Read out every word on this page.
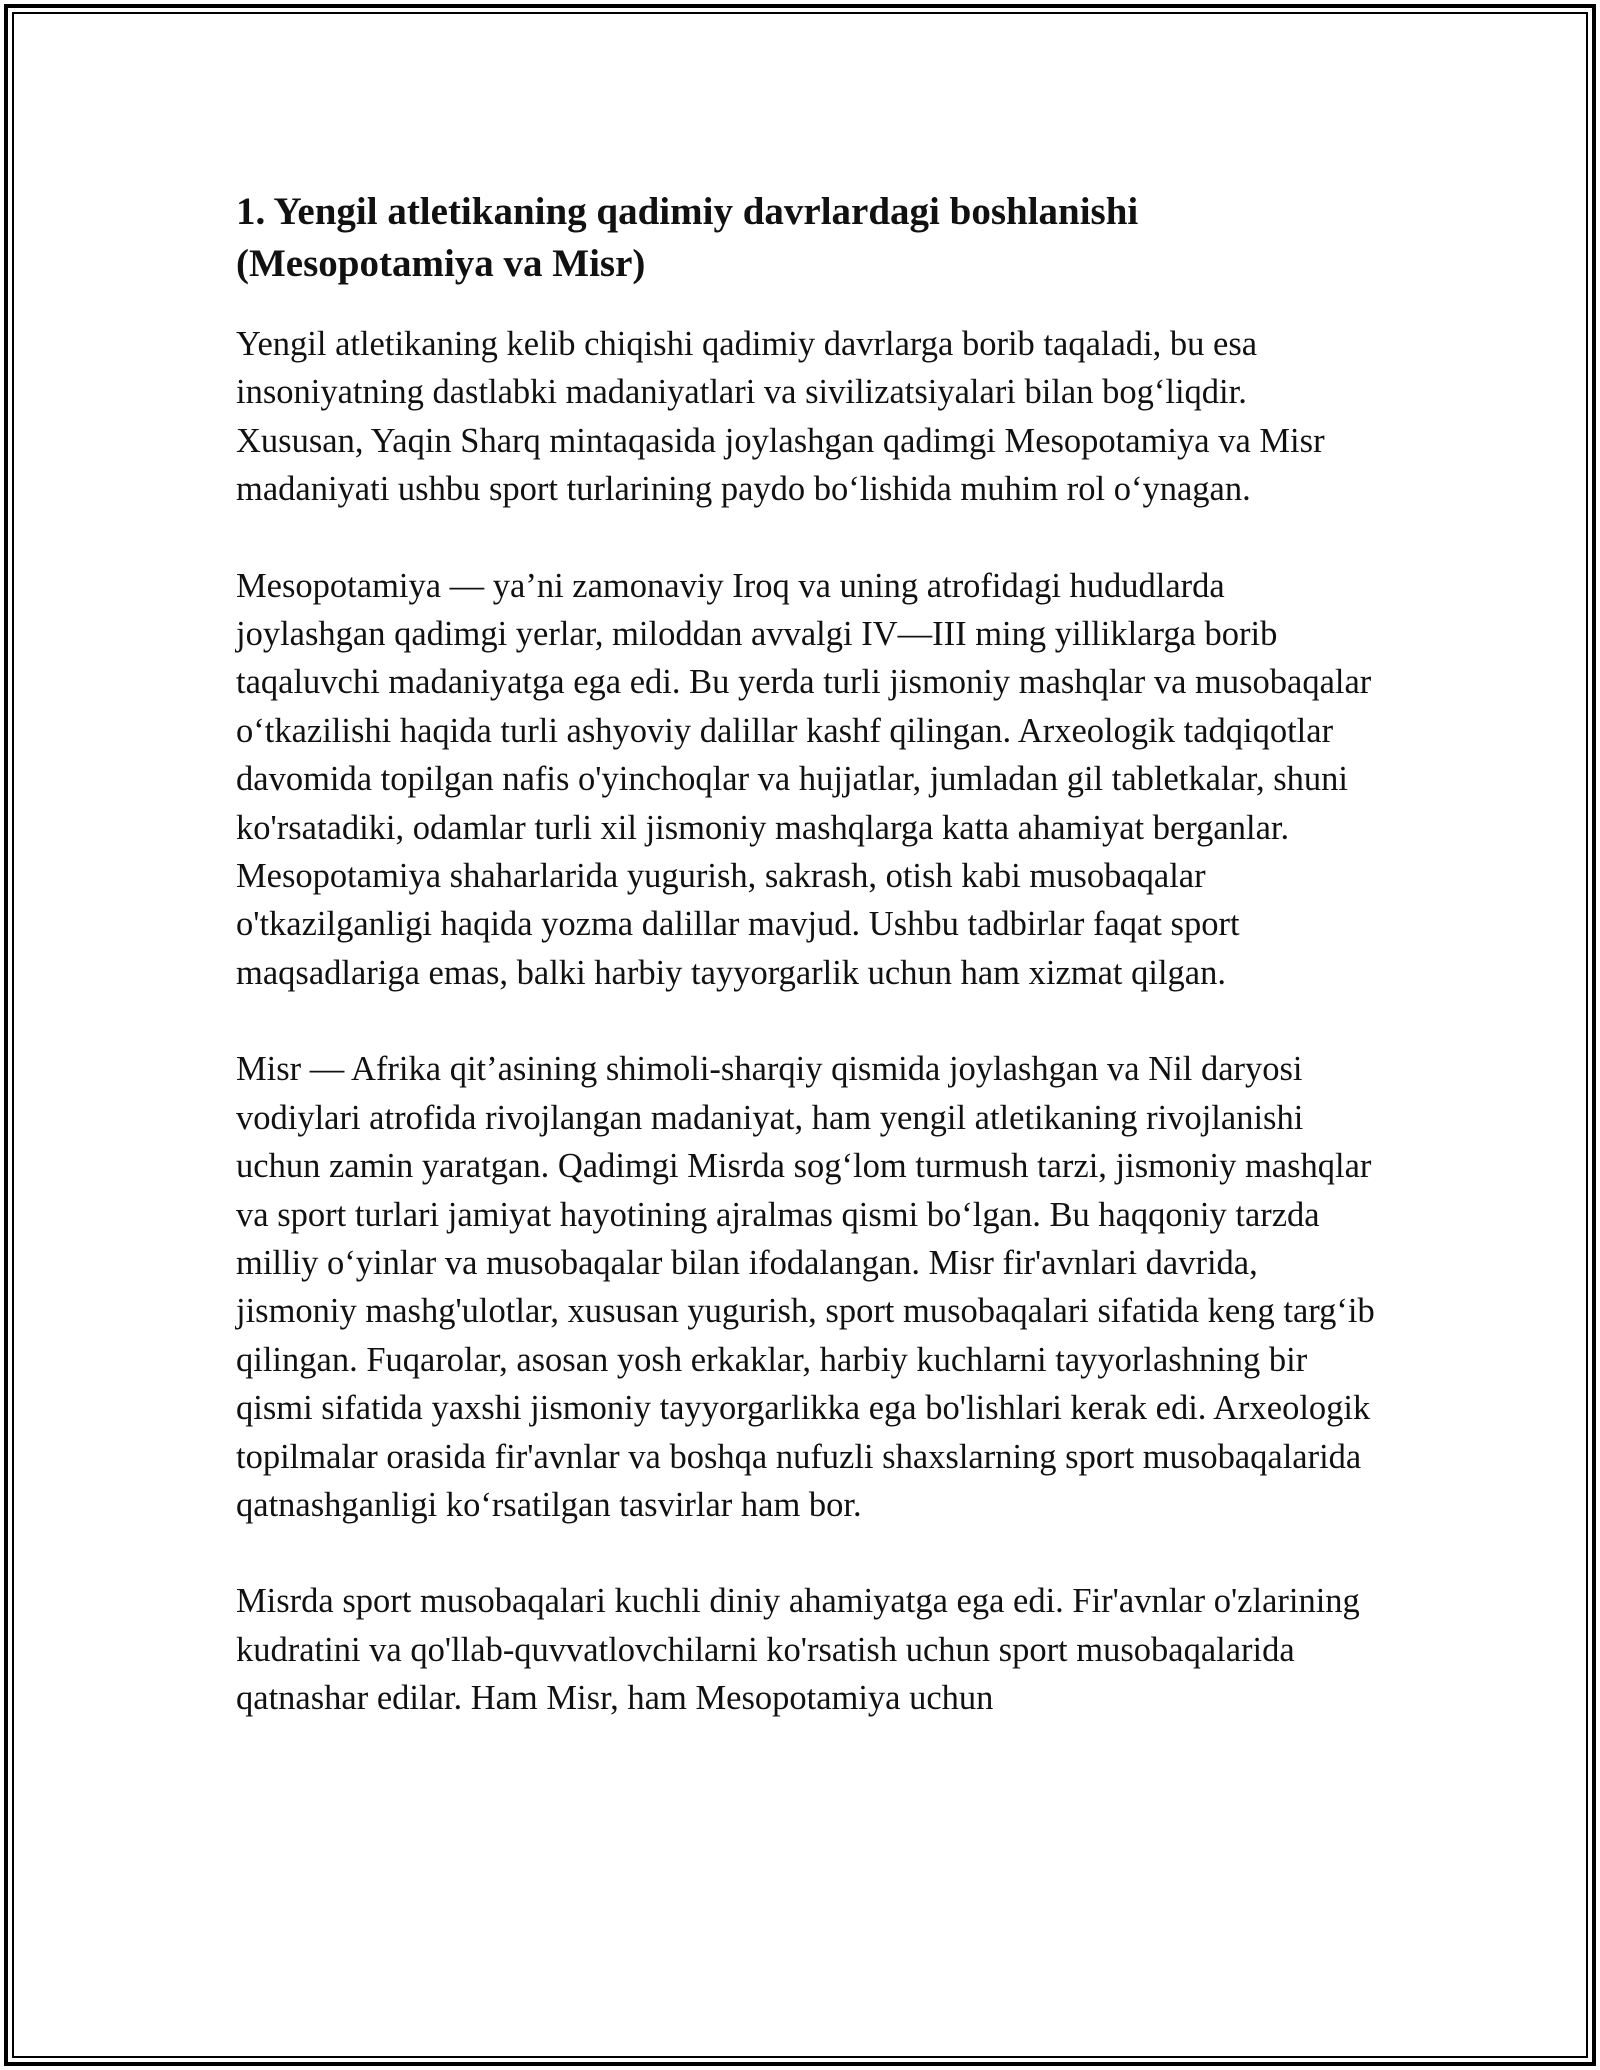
1. Yengil atletikaning qadimiy davrlardagi boshlanishi (Mesopotamiya va Misr)

Yengil atletikaning kelib chiqishi qadimiy davrlarga borib taqaladi, bu esa insoniyatning dastlabki madaniyatlari va sivilizatsiyalari bilan bog‘liqdir. Xususan, Yaqin Sharq mintaqasida joylashgan qadimgi Mesopotamiya va Misr madaniyati ushbu sport turlarining paydo bo‘lishida muhim rol o‘ynagan.

Mesopotamiya — ya’ni zamonaviy Iroq va uning atrofidagi hududlarda joylashgan qadimgi yerlar, miloddan avvalgi IV—III ming yilliklarga borib taqaluvchi madaniyatga ega edi. Bu yerda turli jismoniy mashqlar va musobaqalar o‘tkazilishi haqida turli ashyoviy dalillar kashf qilingan. Arxeologik tadqiqotlar davomida topilgan nafis o'yinchoqlar va hujjatlar, jumladan gil tabletkalar, shuni ko'rsatadiki, odamlar turli xil jismoniy mashqlarga katta ahamiyat berganlar. Mesopotamiya shaharlarida yugurish, sakrash, otish kabi musobaqalar o'tkazilganligi haqida yozma dalillar mavjud. Ushbu tadbirlar faqat sport maqsadlariga emas, balki harbiy tayyorgarlik uchun ham xizmat qilgan.

Misr — Afrika qit’asining shimoli-sharqiy qismida joylashgan va Nil daryosi vodiylari atrofida rivojlangan madaniyat, ham yengil atletikaning rivojlanishi uchun zamin yaratgan. Qadimgi Misrda sog‘lom turmush tarzi, jismoniy mashqlar va sport turlari jamiyat hayotining ajralmas qismi bo‘lgan. Bu haqqoniy tarzda milliy o‘yinlar va musobaqalar bilan ifodalangan. Misr fir'avnlari davrida, jismoniy mashg'ulotlar, xususan yugurish, sport musobaqalari sifatida keng targ‘ib qilingan. Fuqarolar, asosan yosh erkaklar, harbiy kuchlarni tayyorlashning bir qismi sifatida yaxshi jismoniy tayyorgarlikka ega bo'lishlari kerak edi. Arxeologik topilmalar orasida fir'avnlar va boshqa nufuzli shaxslarning sport musobaqalarida qatnashganligi ko‘rsatilgan tasvirlar ham bor.

Misrda sport musobaqalari kuchli diniy ahamiyatga ega edi. Fir'avnlar o'zlarining kudratini va qo'llab-quvvatlovchilarni ko'rsatish uchun sport musobaqalarida qatnashar edilar. Ham Misr, ham Mesopotamiya uchun
